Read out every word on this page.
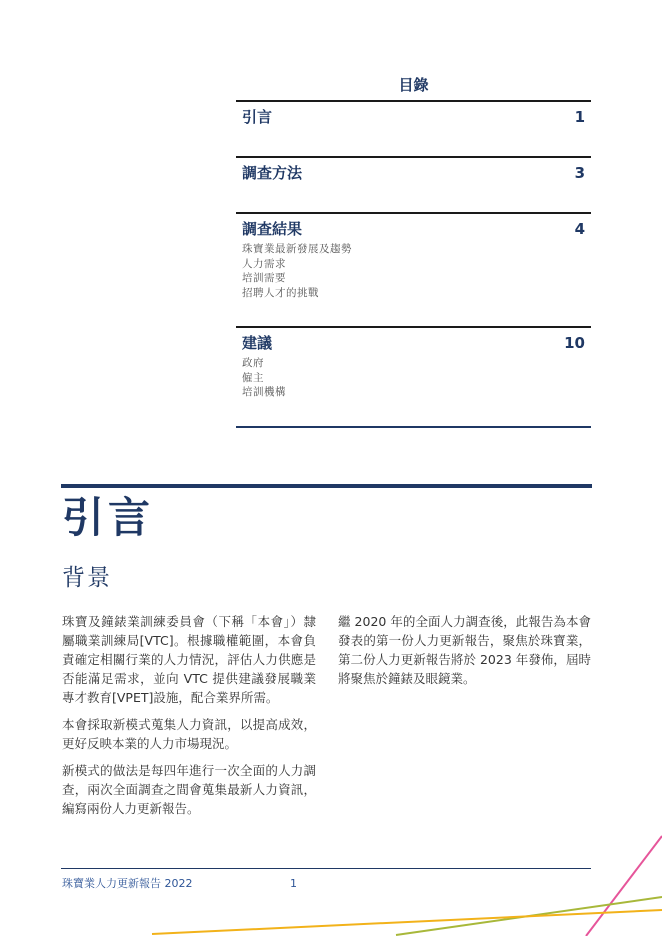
目錄
引言	1
調查方法	3
調查結果	4
珠寶業最新發展及趨勢
人力需求
培訓需要
招聘人才的挑戰
建議	10
政府
僱主
培訓機構
引言
背景

珠寶及鐘錶業訓練委員會（下稱「本會」）隸屬職業訓練局[VTC]。根據職權範圍，本會負責確定相關行業的人力情況，評估人力供應是否能滿足需求，並向 VTC 提供建議發展職業專才教育[VPET]設施，配合業界所需。

本會採取新模式蒐集人力資訊，以提高成效，更好反映本業的人力市場現況。

新模式的做法是每四年進行一次全面的人力調查，兩次全面調查之間會蒐集最新人力資訊，編寫兩份人力更新報告。

繼 2020 年的全面人力調查後，此報告為本會發表的第一份人力更新報告，聚焦於珠寶業，第二份人力更新報告將於 2023 年發佈，屆時將聚焦於鐘錶及眼鏡業。

珠寶業人力更新報告 2022	1
